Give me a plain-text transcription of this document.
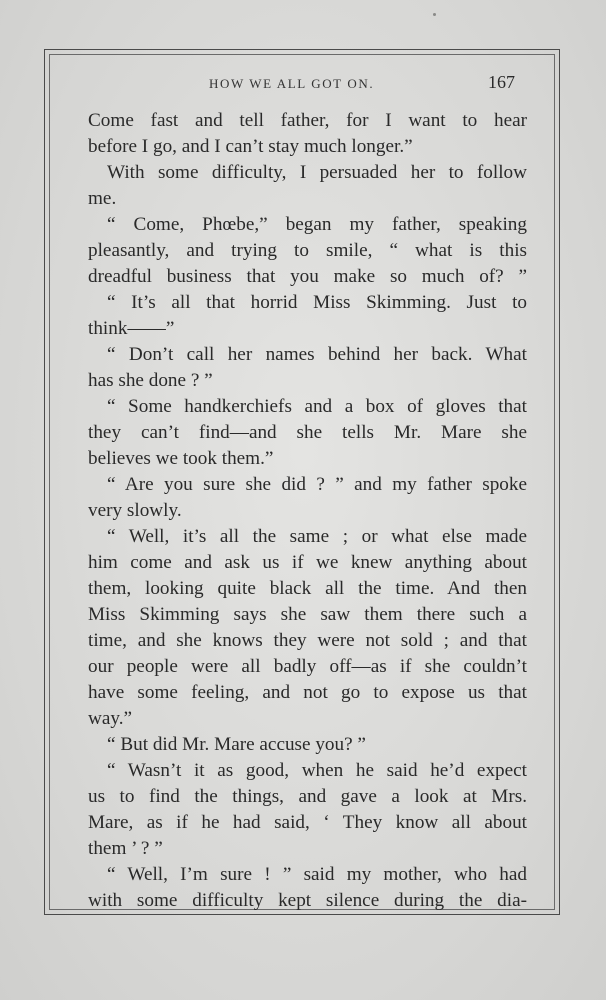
HOW WE ALL GOT ON.	167
Come fast and tell father, for I want to hear
before I go, and I can’t stay much longer.”
With some difficulty, I persuaded her to follow
me.
“ Come, Phœbe,” began my father, speaking
pleasantly, and trying to smile, “ what is this
dreadful business that you make so much of? ”
“ It’s all that horrid Miss Skimming. Just to
think——”
“ Don’t call her names behind her back. What
has she done ? ”
“ Some handkerchiefs and a box of gloves that
they can’t find—and she tells Mr. Mare she
believes we took them.”
“ Are you sure she did ? ” and my father spoke
very slowly.
“ Well, it’s all the same ; or what else made
him come and ask us if we knew anything about
them, looking quite black all the time. And then
Miss Skimming says she saw them there such a
time, and she knows they were not sold ; and that
our people were all badly off—as if she couldn’t
have some feeling, and not go to expose us that
way.”
“ But did Mr. Mare accuse you? ”
“ Wasn’t it as good, when he said he’d expect
us to find the things, and gave a look at Mrs.
Mare, as if he had said, ‘ They know all about
them ’ ? ”
“ Well, I’m sure ! ” said my mother, who had
with some difficulty kept silence during the dia-
